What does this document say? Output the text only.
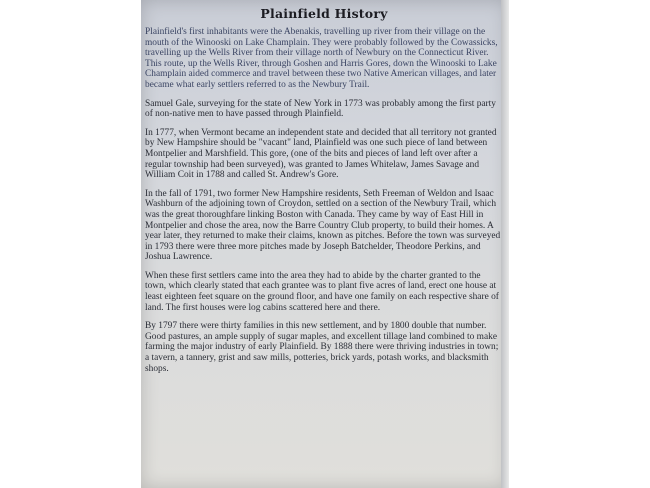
Plainfield History

Plainfield's first inhabitants were the Abenakis, travelling up river from their village on the mouth of the Winooski on Lake Champlain. They were probably followed by the Cowassicks, travelling up the Wells River from their village north of Newbury on the Connecticut River. This route, up the Wells River, through Goshen and Harris Gores, down the Winooski to Lake Champlain aided commerce and travel between these two Native American villages, and later became what early settlers referred to as the Newbury Trail.

Samuel Gale, surveying for the state of New York in 1773 was probably among the first party of non-native men to have passed through Plainfield.

In 1777, when Vermont became an independent state and decided that all territory not granted by New Hampshire should be "vacant" land, Plainfield was one such piece of land between Montpelier and Marshfield. This gore, (one of the bits and pieces of land left over after a regular township had been surveyed), was granted to James Whitelaw, James Savage and William Coit in 1788 and called St. Andrew's Gore.

In the fall of 1791, two former New Hampshire residents, Seth Freeman of Weldon and Isaac Washburn of the adjoining town of Croydon, settled on a section of the Newbury Trail, which was the great thoroughfare linking Boston with Canada. They came by way of East Hill in Montpelier and chose the area, now the Barre Country Club property, to build their homes. A year later, they returned to make their claims, known as pitches. Before the town was surveyed in 1793 there were three more pitches made by Joseph Batchelder, Theodore Perkins, and Joshua Lawrence.

When these first settlers came into the area they had to abide by the charter granted to the town, which clearly stated that each grantee was to plant five acres of land, erect one house at least eighteen feet square on the ground floor, and have one family on each respective share of land. The first houses were log cabins scattered here and there.

By 1797 there were thirty families in this new settlement, and by 1800 double that number. Good pastures, an ample supply of sugar maples, and excellent tillage land combined to make farming the major industry of early Plainfield. By 1888 there were thriving industries in town; a tavern, a tannery, grist and saw mills, potteries, brick yards, potash works, and blacksmith shops.
